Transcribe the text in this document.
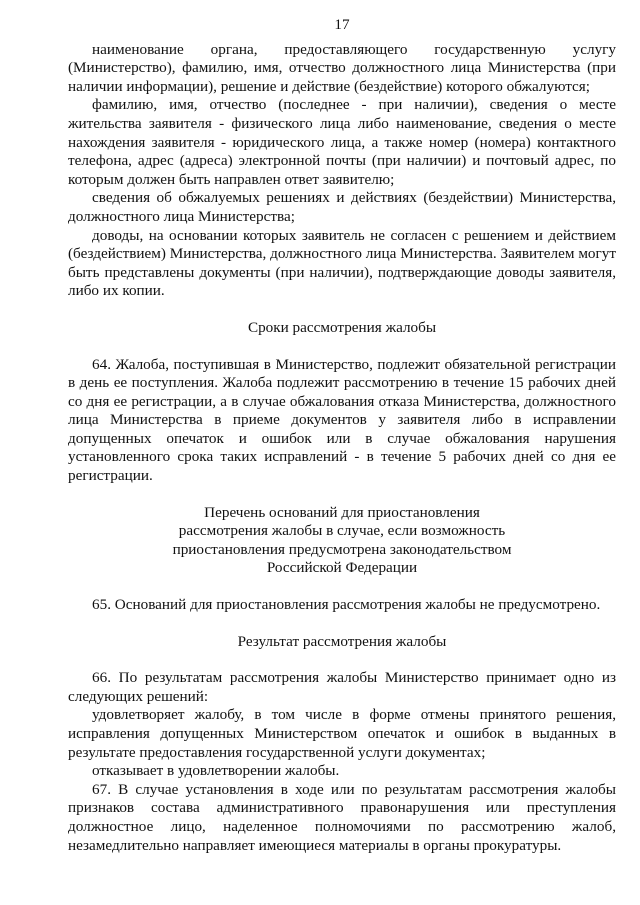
17

наименование органа, предоставляющего государственную услугу (Министерство), фамилию, имя, отчество должностного лица Министерства (при наличии информации), решение и действие (бездействие) которого обжалуются;

фамилию, имя, отчество (последнее - при наличии), сведения о месте жительства заявителя - физического лица либо наименование, сведения о месте нахождения заявителя - юридического лица, а также номер (номера) контактного телефона, адрес (адреса) электронной почты (при наличии) и почтовый адрес, по которым должен быть направлен ответ заявителю;

сведения об обжалуемых решениях и действиях (бездействии) Министерства, должностного лица Министерства;

доводы, на основании которых заявитель не согласен с решением и действием (бездействием) Министерства, должностного лица Министерства. Заявителем могут быть представлены документы (при наличии), подтверждающие доводы заявителя, либо их копии.

Сроки рассмотрения жалобы

64. Жалоба, поступившая в Министерство, подлежит обязательной регистрации в день ее поступления. Жалоба подлежит рассмотрению в течение 15 рабочих дней со дня ее регистрации, а в случае обжалования отказа Министерства, должностного лица Министерства в приеме документов у заявителя либо в исправлении допущенных опечаток и ошибок или в случае обжалования нарушения установленного срока таких исправлений - в течение 5 рабочих дней со дня ее регистрации.

Перечень оснований для приостановления

рассмотрения жалобы в случае, если возможность

приостановления предусмотрена законодательством

Российской Федерации

65. Оснований для приостановления рассмотрения жалобы не предусмотрено.

Результат рассмотрения жалобы

66. По результатам рассмотрения жалобы Министерство принимает одно из следующих решений:

удовлетворяет жалобу, в том числе в форме отмены принятого решения, исправления допущенных Министерством опечаток и ошибок в выданных в результате предоставления государственной услуги документах;

отказывает в удовлетворении жалобы.

67. В случае установления в ходе или по результатам рассмотрения жалобы признаков состава административного правонарушения или преступления должностное лицо, наделенное полномочиями по рассмотрению жалоб, незамедлительно направляет имеющиеся материалы в органы прокуратуры.
